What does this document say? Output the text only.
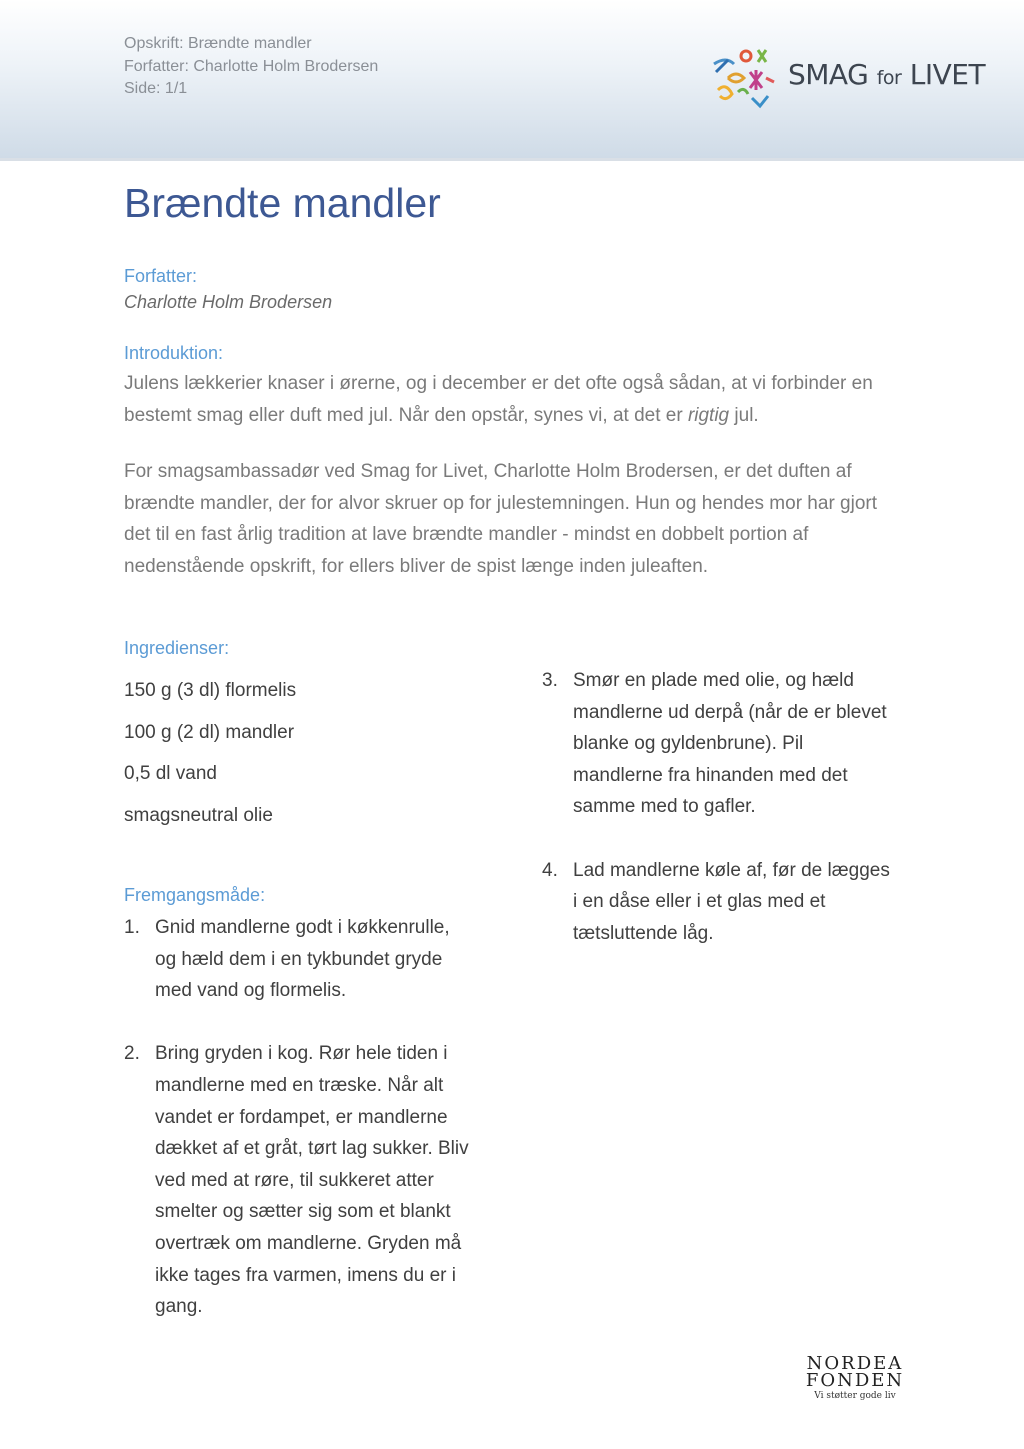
Opskrift: Brændte mandler
Forfatter: Charlotte Holm Brodersen
Side: 1/1	SMAG for LIVET
Brændte mandler
Forfatter:
Charlotte Holm Brodersen
Introduktion:

Julens lækkerier knaser i ørerne, og i december er det ofte også sådan, at vi forbinder en bestemt smag eller duft med jul. Når den opstår, synes vi, at det er rigtig jul.

For smagsambassadør ved Smag for Livet, Charlotte Holm Brodersen, er det duften af brændte mandler, der for alvor skruer op for julestemningen. Hun og hendes mor har gjort det til en fast årlig tradition at lave brændte mandler - mindst en dobbelt portion af nedenstående opskrift, for ellers bliver de spist længe inden juleaften.

Ingredienser:
150 g (3 dl) flormelis
100 g (2 dl) mandler
0,5 dl vand
smagsneutral olie
Fremgangsmåde:
1. Gnid mandlerne godt i køkkenrulle, og hæld dem i en tykbundet gryde med vand og flormelis.
2. Bring gryden i kog. Rør hele tiden i mandlerne med en træske. Når alt vandet er fordampet, er mandlerne dækket af et gråt, tørt lag sukker. Bliv ved med at røre, til sukkeret atter smelter og sætter sig som et blankt overtræk om mandlerne. Gryden må ikke tages fra varmen, imens du er i gang.
3. Smør en plade med olie, og hæld mandlerne ud derpå (når de er blevet blanke og gyldenbrune). Pil mandlerne fra hinanden med det samme med to gafler.
4. Lad mandlerne køle af, før de lægges i en dåse eller i et glas med et tætsluttende låg.
NORDEA
FONDEN
Vi støtter gode liv
